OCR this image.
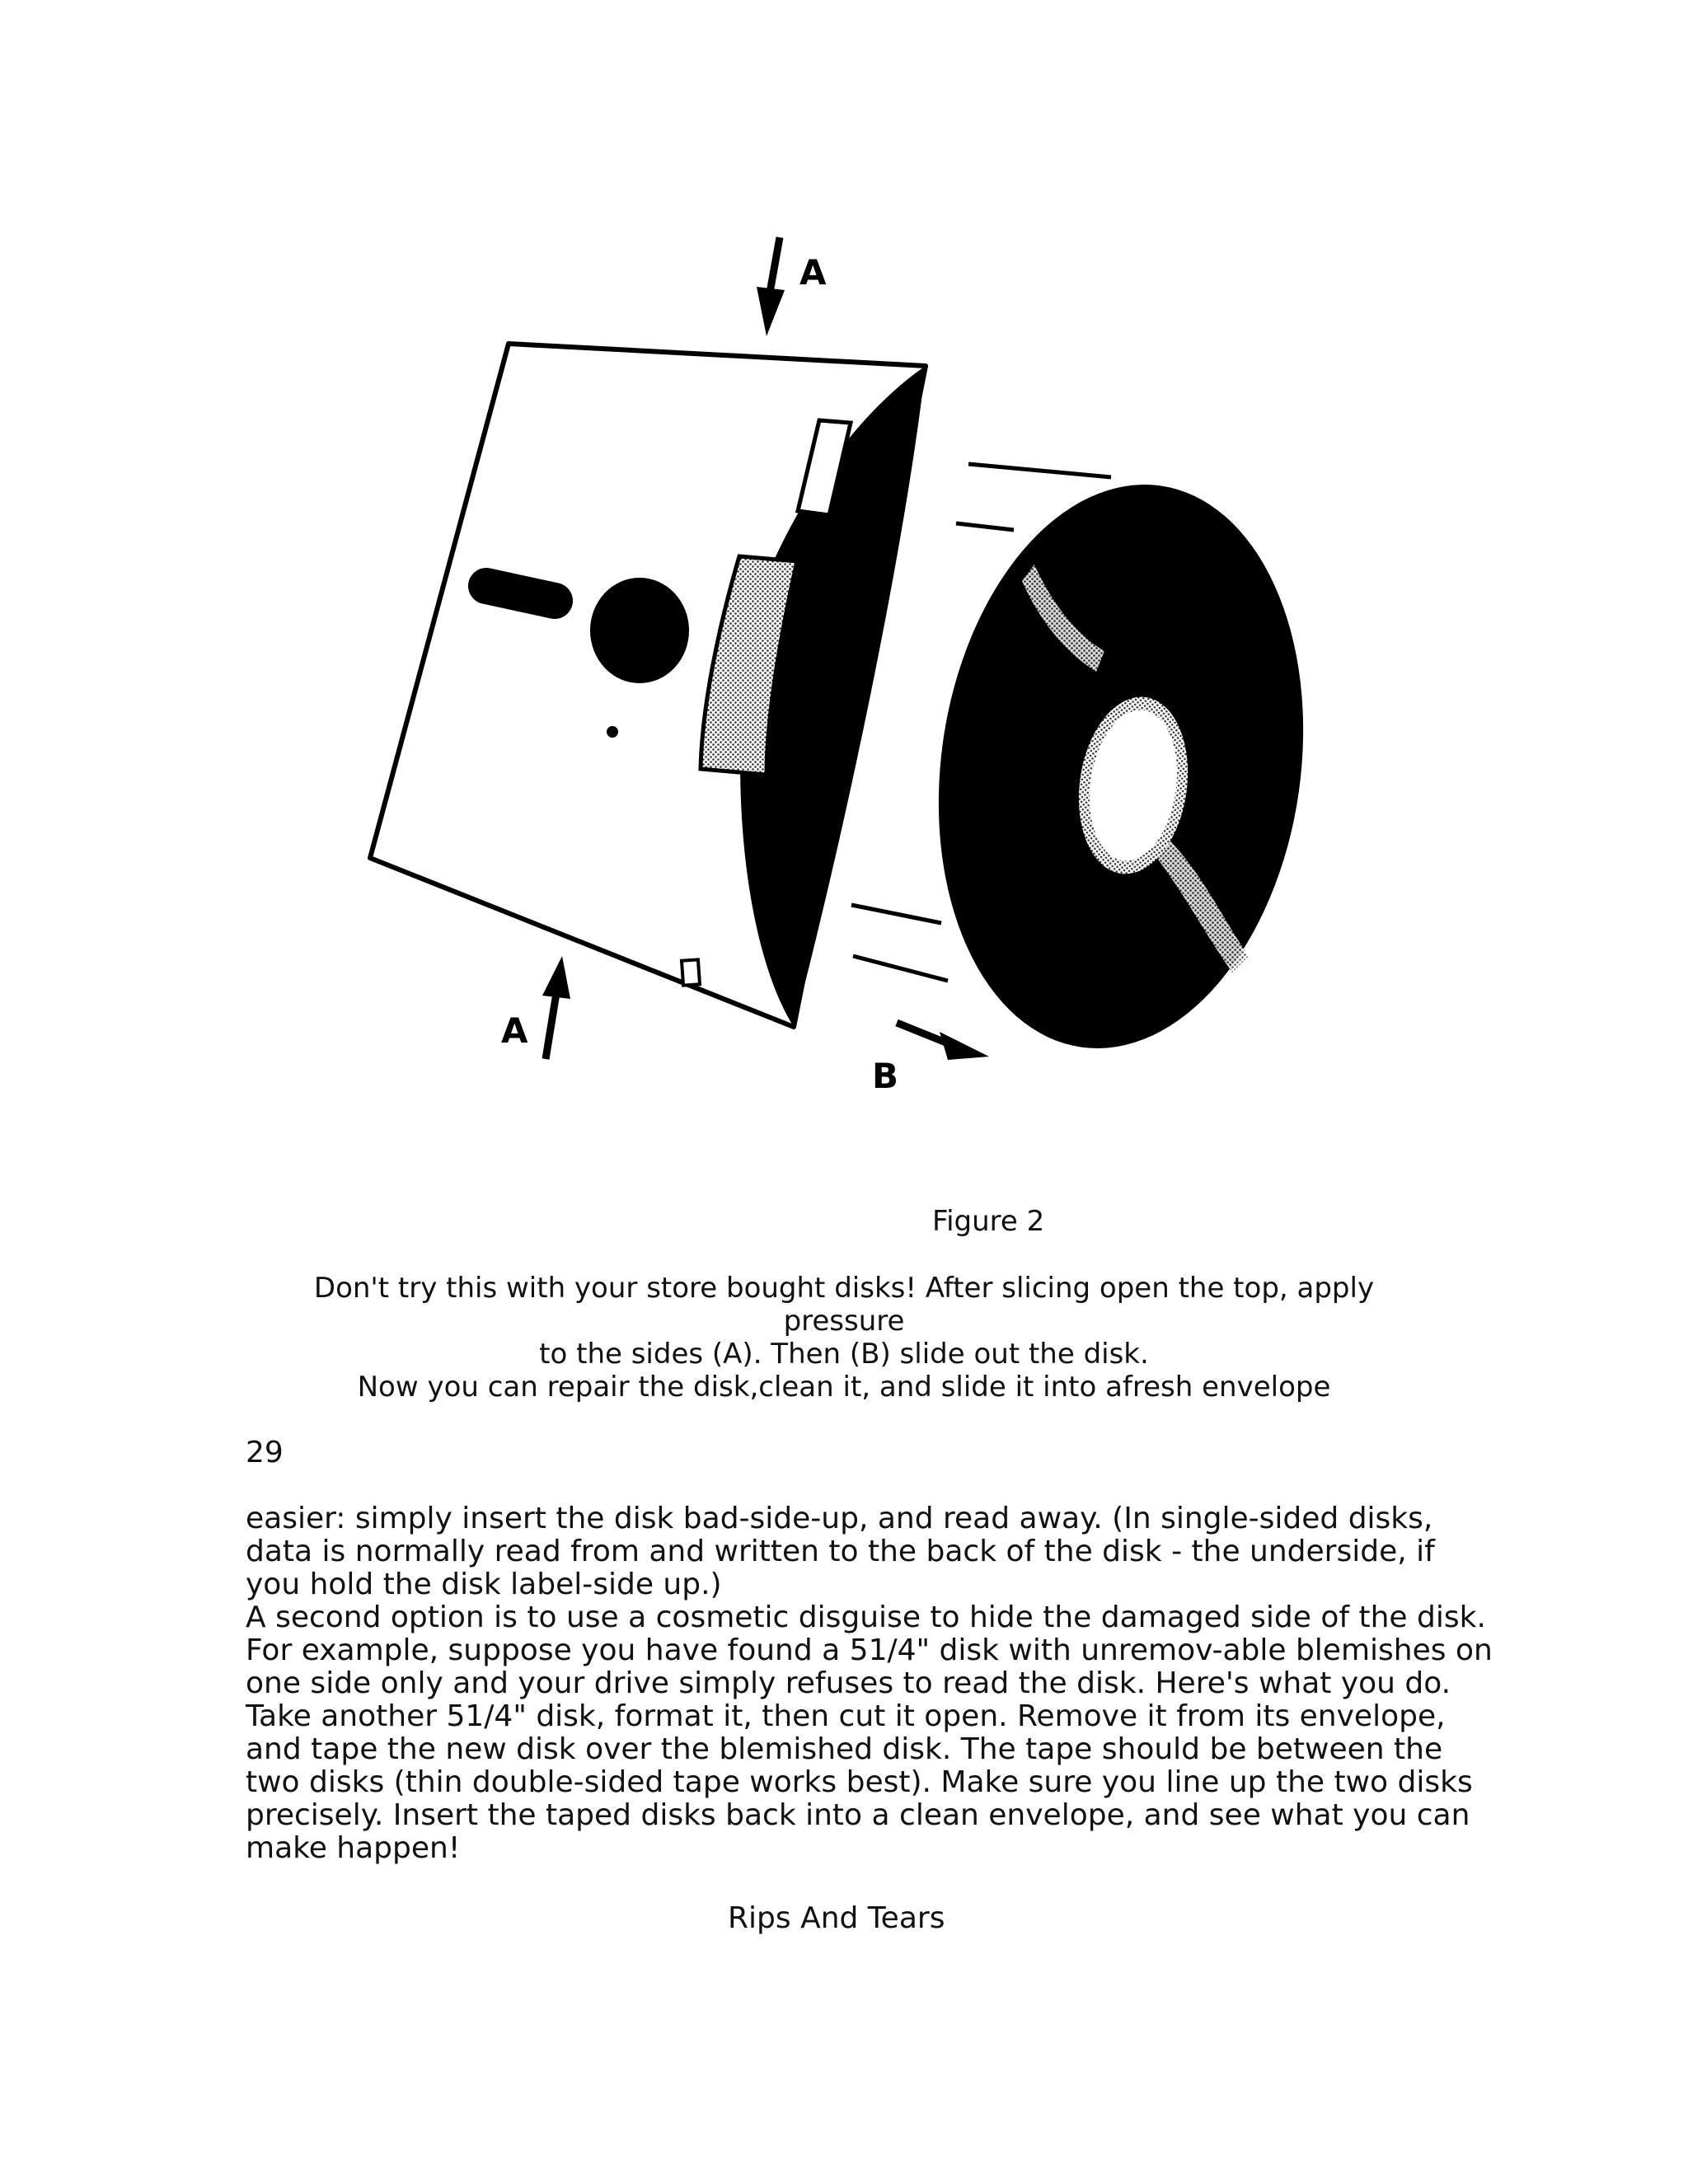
A
A
B
Figure 2
Don't try this with your store bought disks! After slicing open the top, apply
pressure
to the sides (A). Then (B) slide out the disk.
Now you can repair the disk,clean it, and slide it into afresh envelope
29
easier: simply insert the disk bad-side-up, and read away. (In single-sided disks,
data is normally read from and written to the back of the disk - the underside, if
you hold the disk label-side up.)
A second option is to use a cosmetic disguise to hide the damaged side of the disk.
For example, suppose you have found a 51/4" disk with unremov-able blemishes on
one side only and your drive simply refuses to read the disk. Here's what you do.
Take another 51/4" disk, format it, then cut it open. Remove it from its envelope,
and tape the new disk over the blemished disk. The tape should be between the
two disks (thin double-sided tape works best). Make sure you line up the two disks
precisely. Insert the taped disks back into a clean envelope, and see what you can
make happen!
Rips And Tears
